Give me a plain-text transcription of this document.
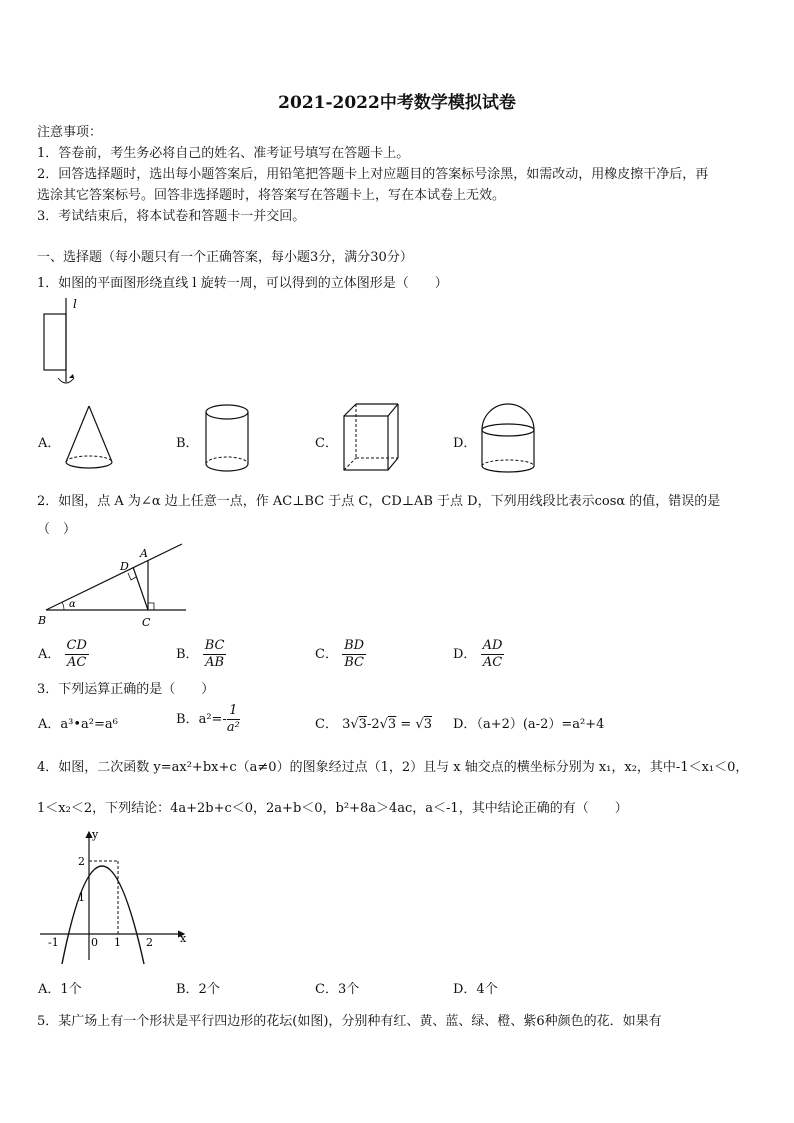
2021-2022中考数学模拟试卷
注意事项：
1．答卷前，考生务必将自己的姓名、准考证号填写在答题卡上。
2．回答选择题时，选出每小题答案后，用铅笔把答题卡上对应题目的答案标号涂黑，如需改动，用橡皮擦干净后，再
选涂其它答案标号。回答非选择题时，将答案写在答题卡上，写在本试卷上无效。
3．考试结束后，将本试卷和答题卡一并交回。
一、选择题（每小题只有一个正确答案，每小题3分，满分30分）
1．如图的平面图形绕直线 l 旋转一周，可以得到的立体图形是（　　）
l
A．	B．	C．	D．
2．如图，点 A 为∠α 边上任意一点，作 AC⊥BC 于点 C，CD⊥AB 于点 D，下列用线段比表示cosα 的值，错误的是
（　）
A
D
B	C
α
A． $\frac{CD}{AC}$	B． $\frac{BC}{AB}$	C． $\frac{BD}{BC}$	D． $\frac{AD}{AC}$
3．下列运算正确的是（　　）
A．a³•a²=a⁶	B．$a^2=- \frac{1}{\text{a²}}$	C． 3√3-2√3 = √3 D．（a+2）(a-2）=a²+4
4．如图，二次函数 y=ax²+bx+c（a≠0）的图象经过点（1，2）且与 x 轴交点的横坐标分别为 x₁，x₂，其中-1＜x₁＜0，
1＜x₂＜2，下列结论：4a+2b+c＜0，2a+b＜0，b²+8a＞4ac，a＜-1，其中结论正确的有（　　）
y
x
2
1
-1	0 1 2
A．1个	B．2个	C．3个	D．4个
5．某广场上有一个形状是平行四边形的花坛(如图)，分别种有红、黄、蓝、绿、橙、紫6种颜色的花．如果有
